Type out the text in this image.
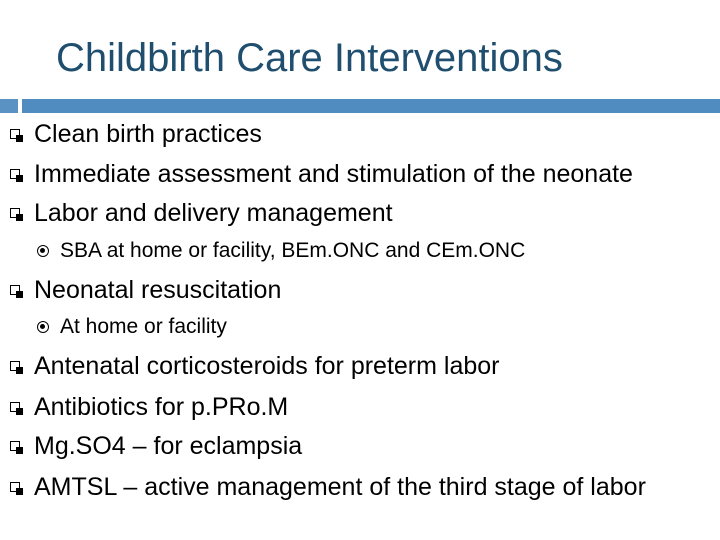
Childbirth Care Interventions
Clean birth practices
Immediate assessment and stimulation of the neonate
Labor and delivery management
SBA at home or facility, BEm.ONC and CEm.ONC
Neonatal resuscitation
At home or facility
Antenatal corticosteroids for preterm labor
Antibiotics for p.PRo.M
Mg.SO4 – for eclampsia
AMTSL – active management of the third stage of labor
